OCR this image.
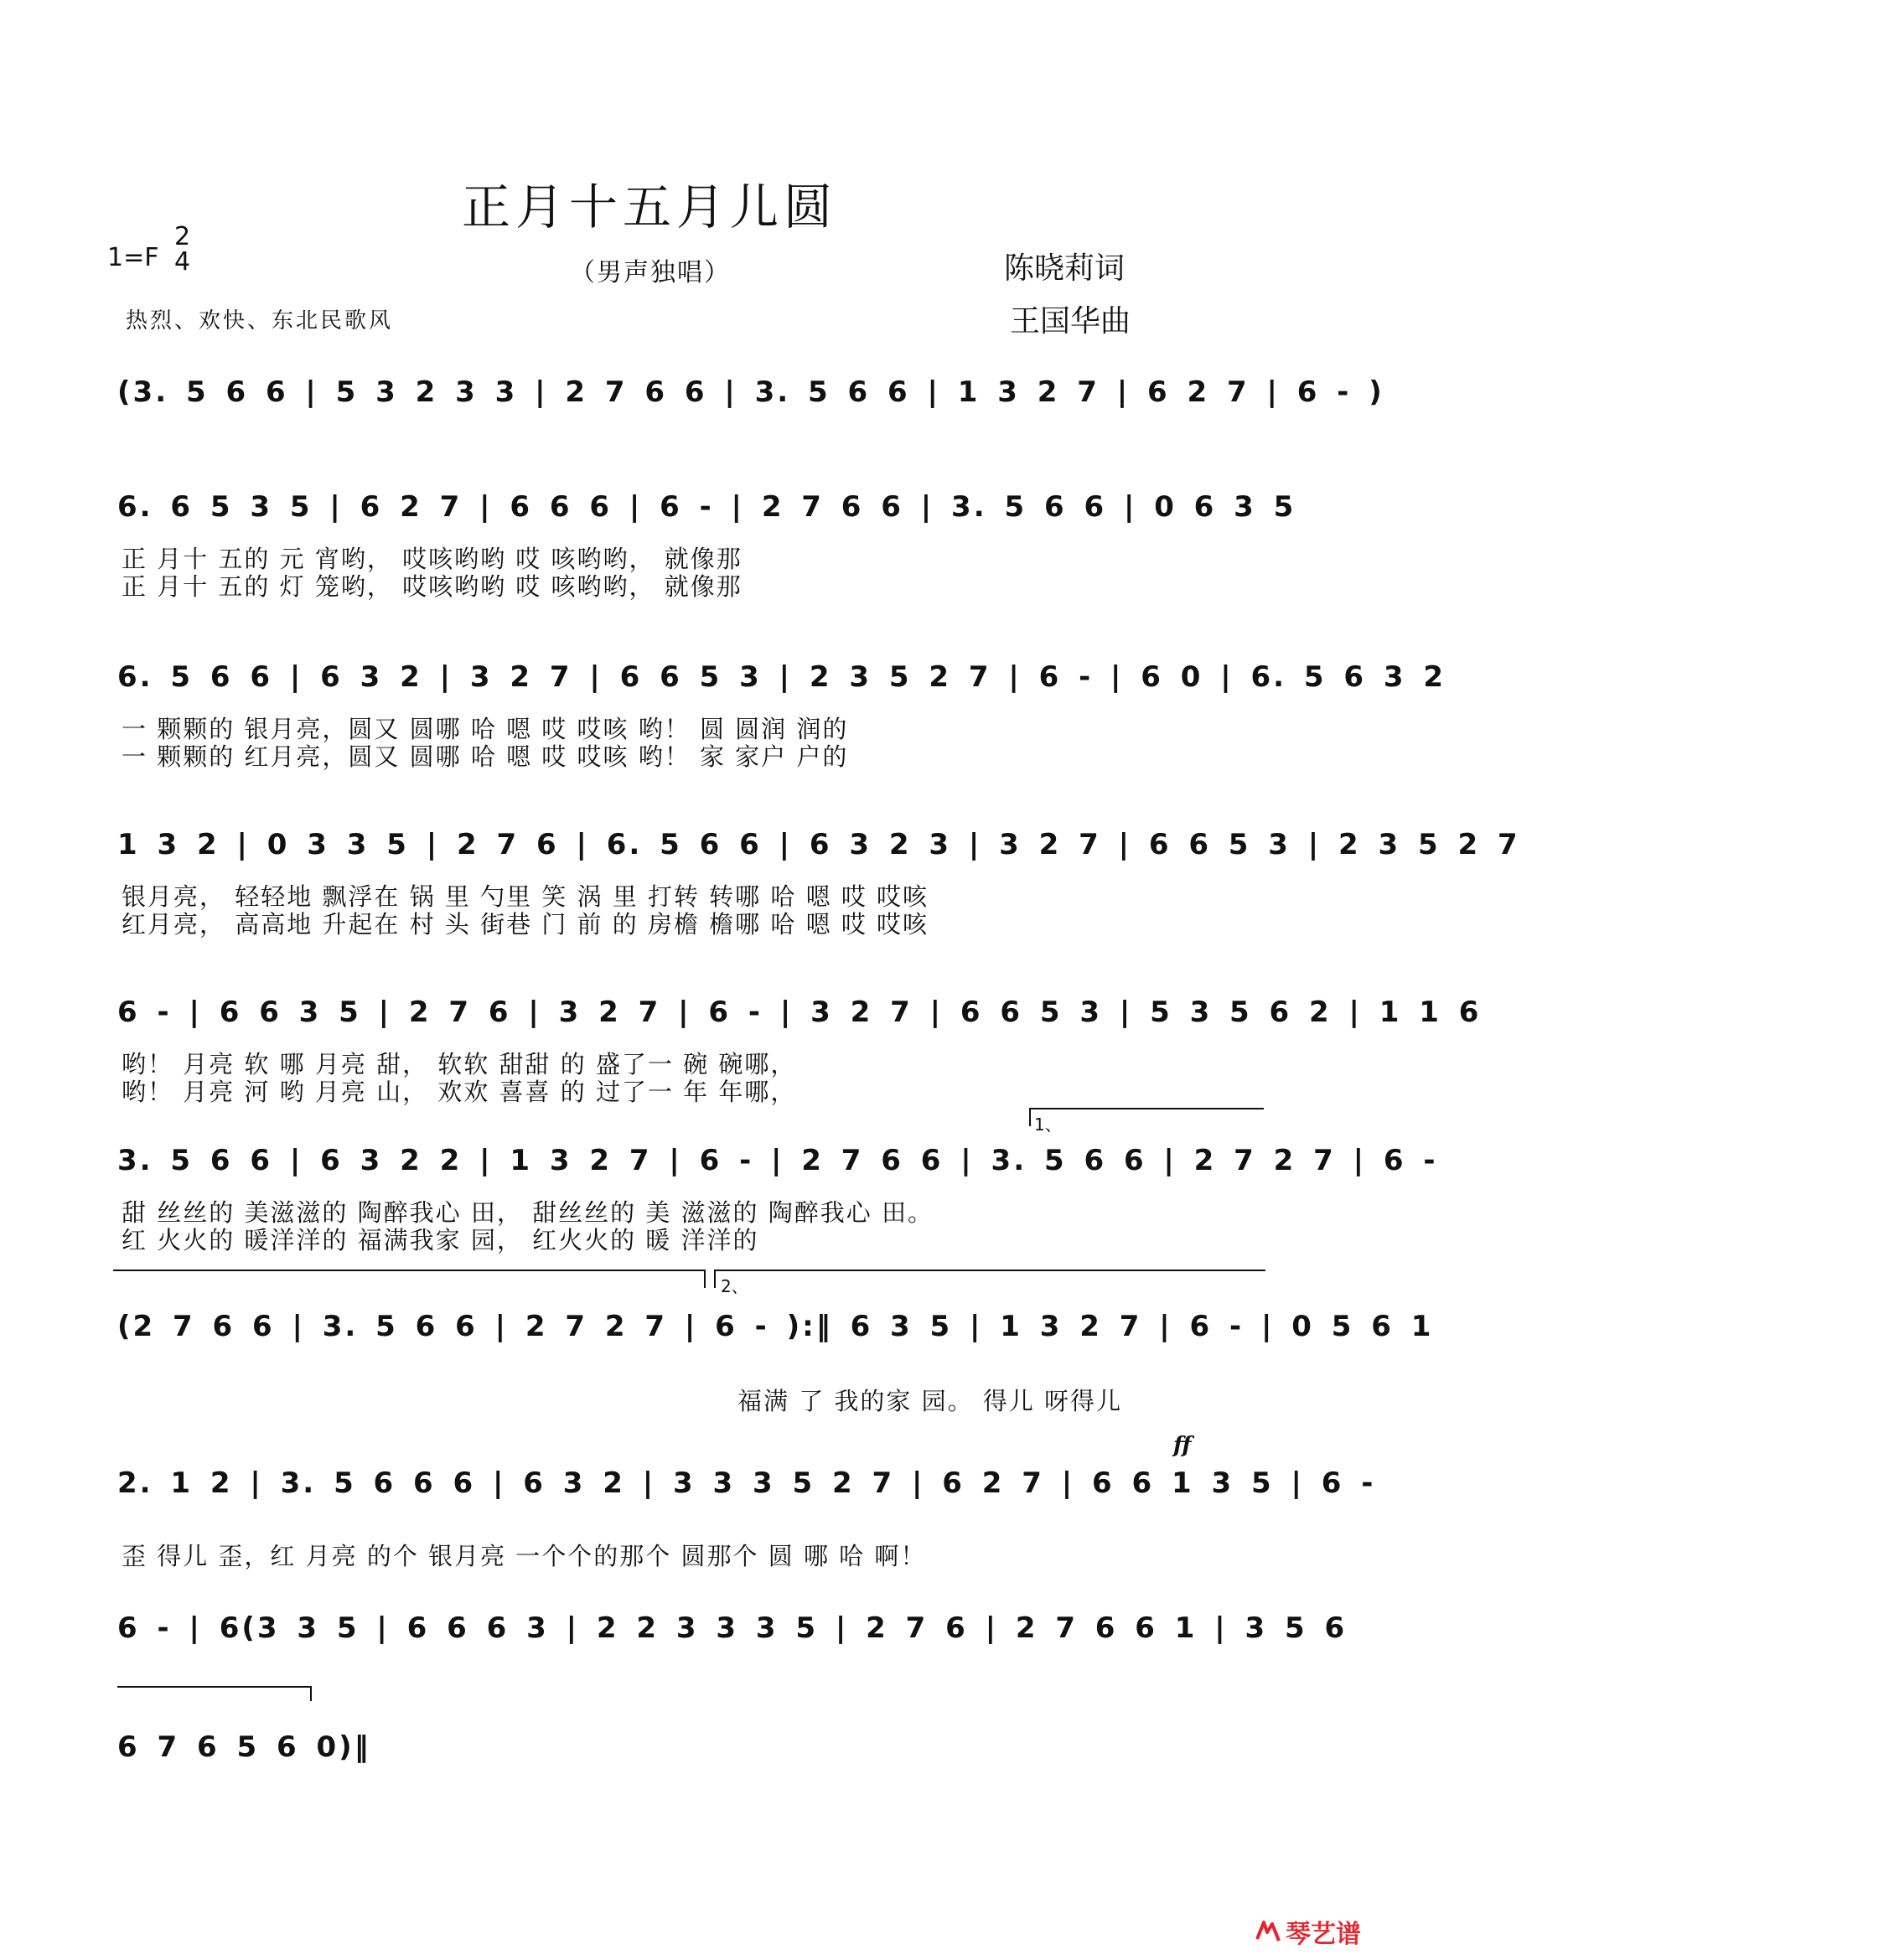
正月十五月儿圆
（男声独唱）
1=F
2
4	陈晓莉词
王国华曲
热烈、欢快、东北民歌风
(3. 5 6 6 | 5 3 2 3 3 | 2 7 6 6 | 3. 5 6 6 | 1 3 2 7 | 6 2 7 | 6 - )
6. 6 5 3 5 | 6 2 7 | 6 6 6 | 6 - | 2 7 6 6 | 3. 5 6 6 | 0 6 3 5
正 月十 五的 元 宵哟， 哎咳哟哟 哎 咳哟哟， 就像那
正 月十 五的 灯 笼哟， 哎咳哟哟 哎 咳哟哟， 就像那
6. 5 6 6 | 6 3 2 | 3 2 7 | 6 6 5 3 | 2 3 5 2 7 | 6 - | 6 0 | 6. 5 6 3 2
一 颗颗的 银月亮，圆又 圆哪 哈 嗯 哎 哎咳 哟！ 圆 圆润 润的
一 颗颗的 红月亮，圆又 圆哪 哈 嗯 哎 哎咳 哟！ 家 家户 户的
1 3 2 | 0 3 3 5 | 2 7 6 | 6. 5 6 6 | 6 3 2 3 | 3 2 7 | 6 6 5 3 | 2 3 5 2 7
银月亮， 轻轻地 飘浮在 锅 里 勺里 笑 涡 里 打转 转哪 哈 嗯 哎 哎咳
红月亮， 高高地 升起在 村 头 街巷 门 前 的 房檐 檐哪 哈 嗯 哎 哎咳
6 - | 6 6 3 5 | 2 7 6 | 3 2 7 | 6 - | 3 2 7 | 6 6 5 3 | 5 3 5 6 2 | 1 1 6
哟！ 月亮 软 哪 月亮 甜， 软软 甜甜 的 盛了一 碗 碗哪，
哟！ 月亮 河 哟 月亮 山， 欢欢 喜喜 的 过了一 年 年哪，
1、
3. 5 6 6 | 6 3 2 2 | 1 3 2 7 | 6 - | 2 7 6 6 | 3. 5 6 6 | 2 7 2 7 | 6 -
甜 丝丝的 美滋滋的 陶醉我心 田， 甜丝丝的 美 滋滋的 陶醉我心 田。
红 火火的 暖洋洋的 福满我家 园， 红火火的 暖 洋洋的
2、
(2 7 6 6 | 3. 5 6 6 | 2 7 2 7 | 6 - ):‖ 6 3 5 | 1 3 2 7 | 6 - | 0 5 6 1
福满 了 我的家 园。 得儿 呀得儿
ff
2. 1 2 | 3. 5 6 6 6 | 6 3 2 | 3 3 3 5 2 7 | 6 2 7 | 6 6 1 3 5 | 6 -
歪 得儿 歪，红 月亮 的个 银月亮 一个个的那个 圆那个 圆 哪 哈 啊！
6 - | 6(3 3 5 | 6 6 6 3 | 2 2 3 3 3 5 | 2 7 6 | 2 7 6 6 1 | 3 5 6
6 7 6 5 6 0)‖
琴艺谱
